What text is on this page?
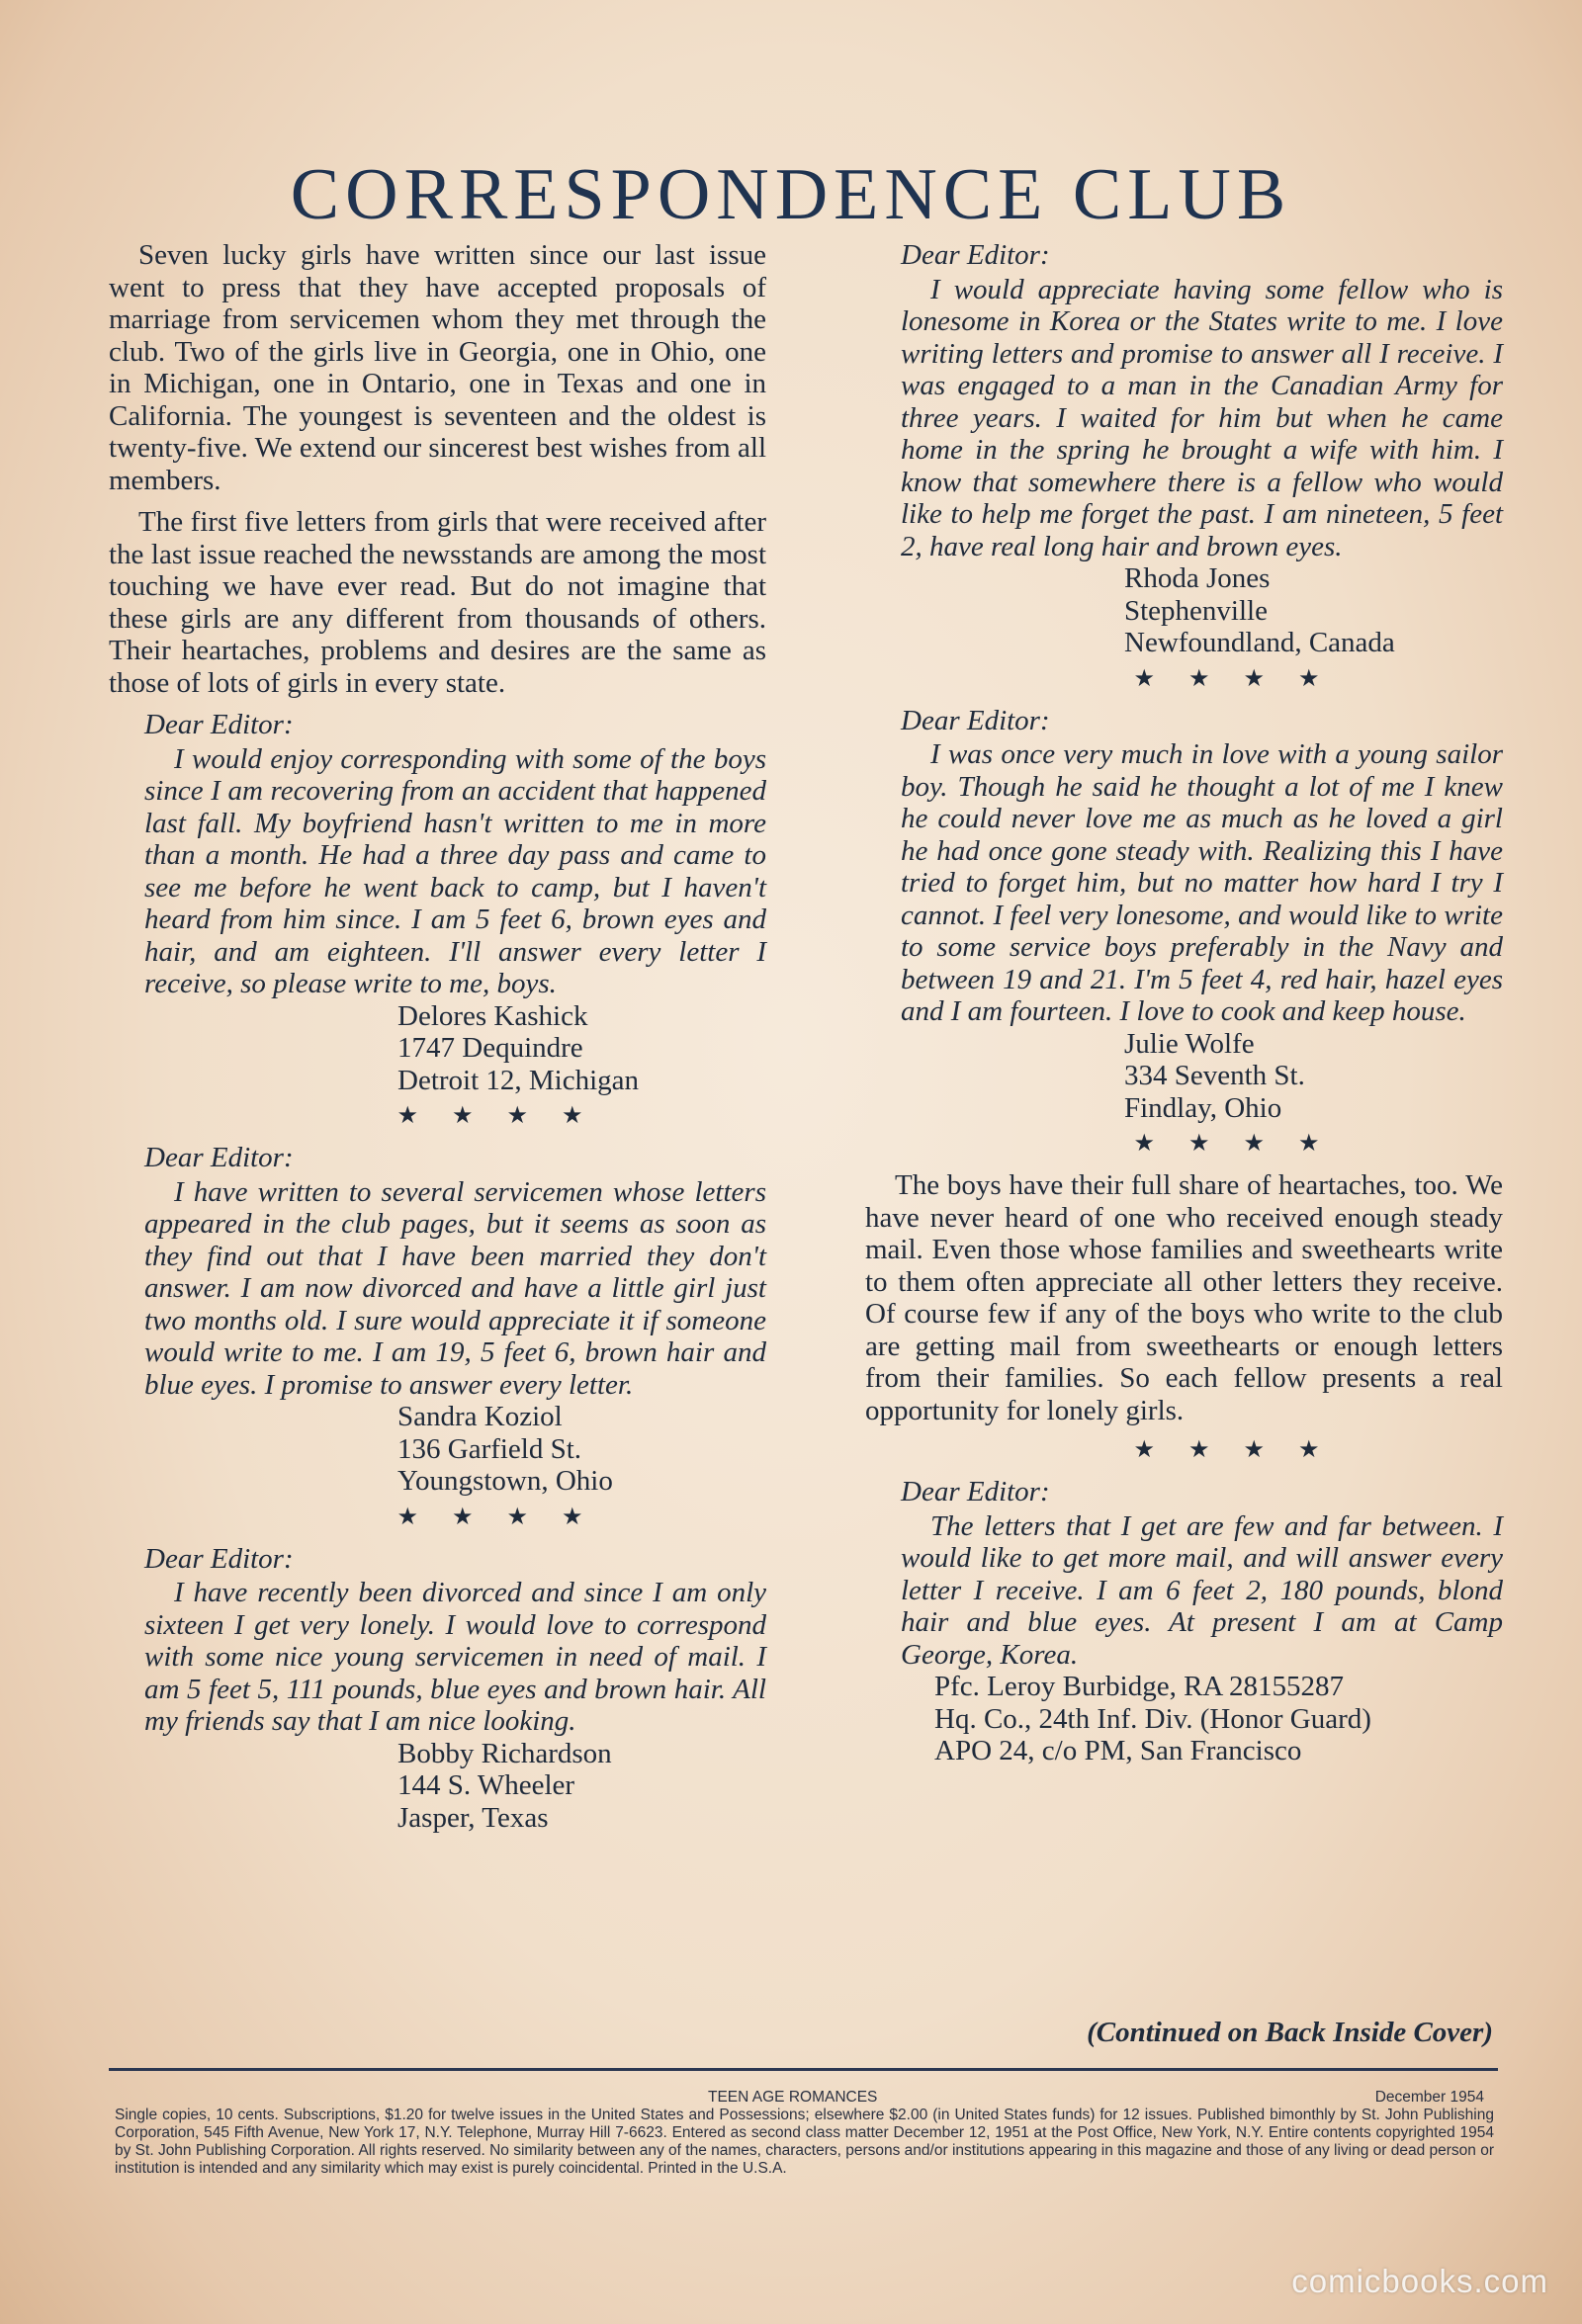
CORRESPONDENCE CLUB

Seven lucky girls have written since our last issue went to press that they have accepted proposals of marriage from servicemen whom they met through the club. Two of the girls live in Georgia, one in Ohio, one in Michigan, one in Ontario, one in Texas and one in California. The youngest is seventeen and the oldest is twenty-five. We extend our sincerest best wishes from all members.

The first five letters from girls that were received after the last issue reached the newsstands are among the most touching we have ever read. But do not imagine that these girls are any different from thousands of others. Their heartaches, problems and desires are the same as those of lots of girls in every state.

Dear Editor:

I would enjoy corresponding with some of the boys since I am recovering from an accident that happened last fall. My boyfriend hasn't written to me in more than a month. He had a three day pass and came to see me before he went back to camp, but I haven't heard from him since. I am 5 feet 6, brown eyes and hair, and am eighteen. I'll answer every letter I receive, so please write to me, boys.

Delores Kashick
1747 Dequindre
Detroit 12, Michigan
★ ★ ★ ★
Dear Editor:

I have written to several servicemen whose letters appeared in the club pages, but it seems as soon as they find out that I have been married they don't answer. I am now divorced and have a little girl just two months old. I sure would appreciate it if someone would write to me. I am 19, 5 feet 6, brown hair and blue eyes. I promise to answer every letter.

Sandra Koziol
136 Garfield St.
Youngstown, Ohio
★ ★ ★ ★
Dear Editor:

I have recently been divorced and since I am only sixteen I get very lonely. I would love to correspond with some nice young servicemen in need of mail. I am 5 feet 5, 111 pounds, blue eyes and brown hair. All my friends say that I am nice looking.

Bobby Richardson
144 S. Wheeler
Jasper, Texas
Dear Editor:

I would appreciate having some fellow who is lonesome in Korea or the States write to me. I love writing letters and promise to answer all I receive. I was engaged to a man in the Canadian Army for three years. I waited for him but when he came home in the spring he brought a wife with him. I know that somewhere there is a fellow who would like to help me forget the past. I am nineteen, 5 feet 2, have real long hair and brown eyes.

Rhoda Jones
Stephenville
Newfoundland, Canada
★ ★ ★ ★
Dear Editor:

I was once very much in love with a young sailor boy. Though he said he thought a lot of me I knew he could never love me as much as he loved a girl he had once gone steady with. Realizing this I have tried to forget him, but no matter how hard I try I cannot. I feel very lonesome, and would like to write to some service boys preferably in the Navy and between 19 and 21. I'm 5 feet 4, red hair, hazel eyes and I am fourteen. I love to cook and keep house.

Julie Wolfe
334 Seventh St.
Findlay, Ohio
★ ★ ★ ★

The boys have their full share of heartaches, too. We have never heard of one who received enough steady mail. Even those whose families and sweethearts write to them often appreciate all other letters they receive. Of course few if any of the boys who write to the club are getting mail from sweethearts or enough letters from their families. So each fellow presents a real opportunity for lonely girls.

★ ★ ★ ★
Dear Editor:

The letters that I get are few and far between. I would like to get more mail, and will answer every letter I receive. I am 6 feet 2, 180 pounds, blond hair and blue eyes. At present I am at Camp George, Korea.

Pfc. Leroy Burbidge, RA 28155287
Hq. Co., 24th Inf. Div. (Honor Guard)
APO 24, c/o PM, San Francisco
(Continued on Back Inside Cover)
TEEN AGE ROMANCES	December 1954
Single copies, 10 cents. Subscriptions, $1.20 for twelve issues in the United States and Possessions; elsewhere $2.00 (in United States funds) for 12 issues. Published bimonthly by St. John Publishing Corporation, 545 Fifth Avenue, New York 17, N.Y. Telephone, Murray Hill 7-6623. Entered as second class matter December 12, 1951 at the Post Office, New York, N.Y. Entire contents copyrighted 1954 by St. John Publishing Corporation. All rights reserved. No similarity between any of the names, characters, persons and/or institutions appearing in this magazine and those of any living or dead person or institution is intended and any similarity which may exist is purely coincidental. Printed in the U.S.A.
comicbooks.com
